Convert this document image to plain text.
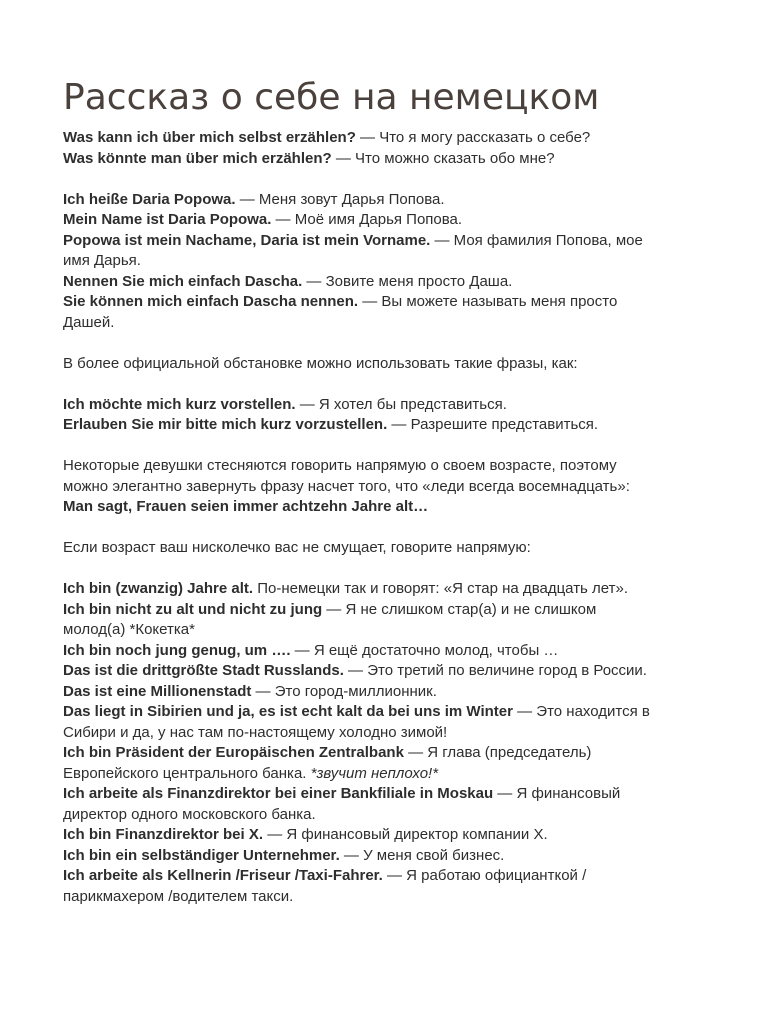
Рассказ о себе на немецком

Was kann ich über mich selbst erzählen? — Что я могу рассказать о себе?

Was könnte man über mich erzählen? — Что можно сказать обо мне?

Ich heiße Daria Popowa. — Меня зовут Дарья Попова.

Mein Name ist Daria Popowa. — Моё имя Дарья Попова.

Popowa ist mein Nachame, Daria ist mein Vorname. — Моя фамилия Попова, мое имя Дарья.

Nennen Sie mich einfach Dascha. — Зовите меня просто Даша.

Sie können mich einfach Dascha nennen. — Вы можете называть меня просто Дашей.

В более официальной обстановке можно использовать такие фразы, как:

Ich möchte mich kurz vorstellen. — Я хотел бы представиться.

Erlauben Sie mir bitte mich kurz vorzustellen. — Разрешите представиться.

Некоторые девушки стесняются говорить напрямую о своем возрасте, поэтому можно элегантно завернуть фразу насчет того, что «леди всегда восемнадцать»: Man sagt, Frauen seien immer achtzehn Jahre alt…

Если возраст ваш нисколечко вас не смущает, говорите напрямую:

Ich bin (zwanzig) Jahre alt. По-немецки так и говорят: «Я стар на двадцать лет».

Ich bin nicht zu alt und nicht zu jung — Я не слишком стар(а) и не слишком молод(а) *Кокетка*

Ich bin noch jung genug, um …. — Я ещё достаточно молод, чтобы …

Das ist die drittgrößte Stadt Russlands. — Это третий по величине город в России.

Das ist eine Millionenstadt — Это город-миллионник.

Das liegt in Sibirien und ja, es ist echt kalt da bei uns im Winter — Это находится в Сибири и да, у нас там по-настоящему холодно зимой!

Ich bin Präsident der Europäischen Zentralbank — Я глава (председатель) Европейского центрального банка. *звучит неплохо!*

Ich arbeite als Finanzdirektor bei einer Bankfiliale in Moskau — Я финансовый директор одного московского банка.

Ich bin Finanzdirektor bei X. — Я финансовый директор компании X.

Ich bin ein selbständiger Unternehmer. — У меня свой бизнес.

Ich arbeite als Kellnerin /Friseur /Taxi-Fahrer. — Я работаю официанткой /парикмахером /водителем такси.
